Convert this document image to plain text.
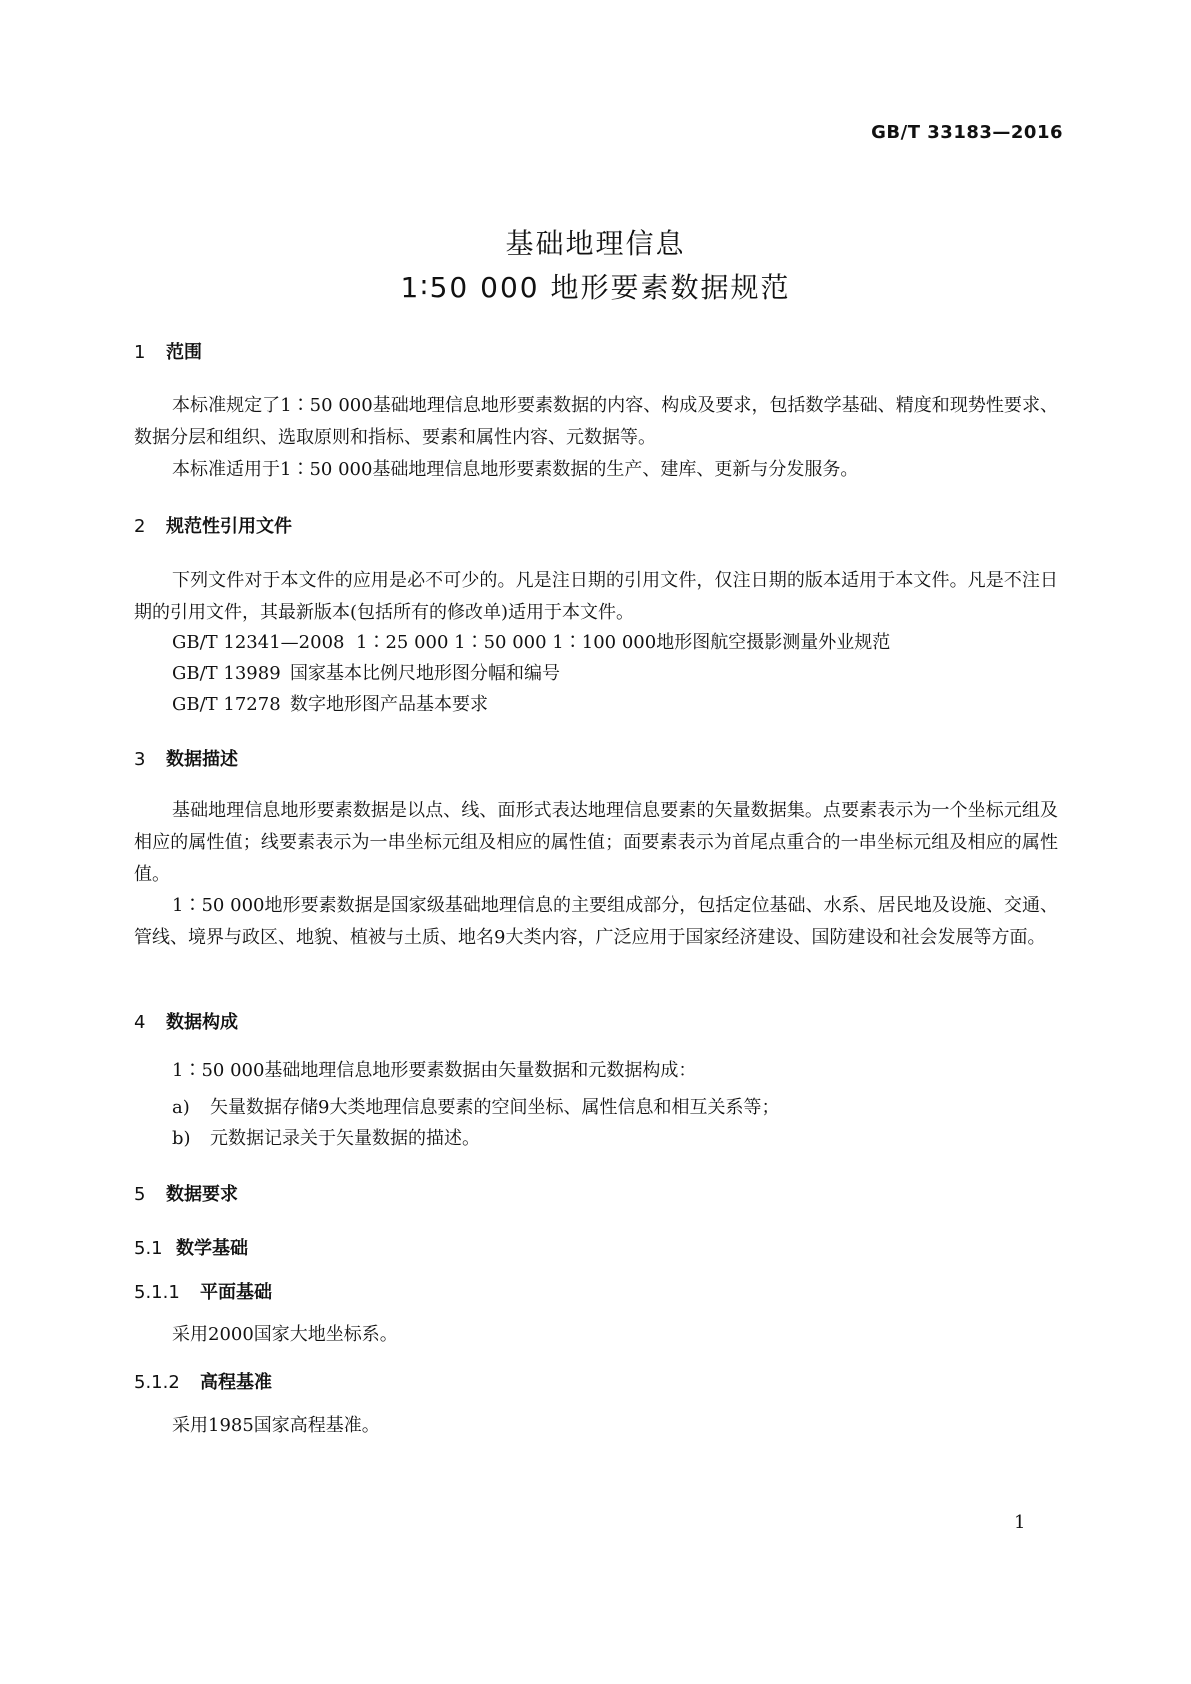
GB/T 33183—2016
基础地理信息
1∶50 000 地形要素数据规范
1 范围
本标准规定了1∶50 000基础地理信息地形要素数据的内容、构成及要求，包括数学基础、精度和现势性要求、数据分层和组织、选取原则和指标、要素和属性内容、元数据等。
本标准适用于1∶50 000基础地理信息地形要素数据的生产、建库、更新与分发服务。
2 规范性引用文件
下列文件对于本文件的应用是必不可少的。凡是注日期的引用文件，仅注日期的版本适用于本文件。凡是不注日期的引用文件，其最新版本(包括所有的修改单)适用于本文件。
GB/T 12341—2008 1∶25 000 1∶50 000 1∶100 000地形图航空摄影测量外业规范
GB/T 13989 国家基本比例尺地形图分幅和编号
GB/T 17278 数字地形图产品基本要求
3 数据描述
基础地理信息地形要素数据是以点、线、面形式表达地理信息要素的矢量数据集。点要素表示为一个坐标元组及相应的属性值；线要素表示为一串坐标元组及相应的属性值；面要素表示为首尾点重合的一串坐标元组及相应的属性值。
1∶50 000地形要素数据是国家级基础地理信息的主要组成部分，包括定位基础、水系、居民地及设施、交通、管线、境界与政区、地貌、植被与土质、地名9大类内容，广泛应用于国家经济建设、国防建设和社会发展等方面。
4 数据构成
1∶50 000基础地理信息地形要素数据由矢量数据和元数据构成：
a) 矢量数据存储9大类地理信息要素的空间坐标、属性信息和相互关系等；
b) 元数据记录关于矢量数据的描述。
5 数据要求
5.1 数学基础
5.1.1 平面基础
采用2000国家大地坐标系。
5.1.2 高程基准
采用1985国家高程基准。
1
